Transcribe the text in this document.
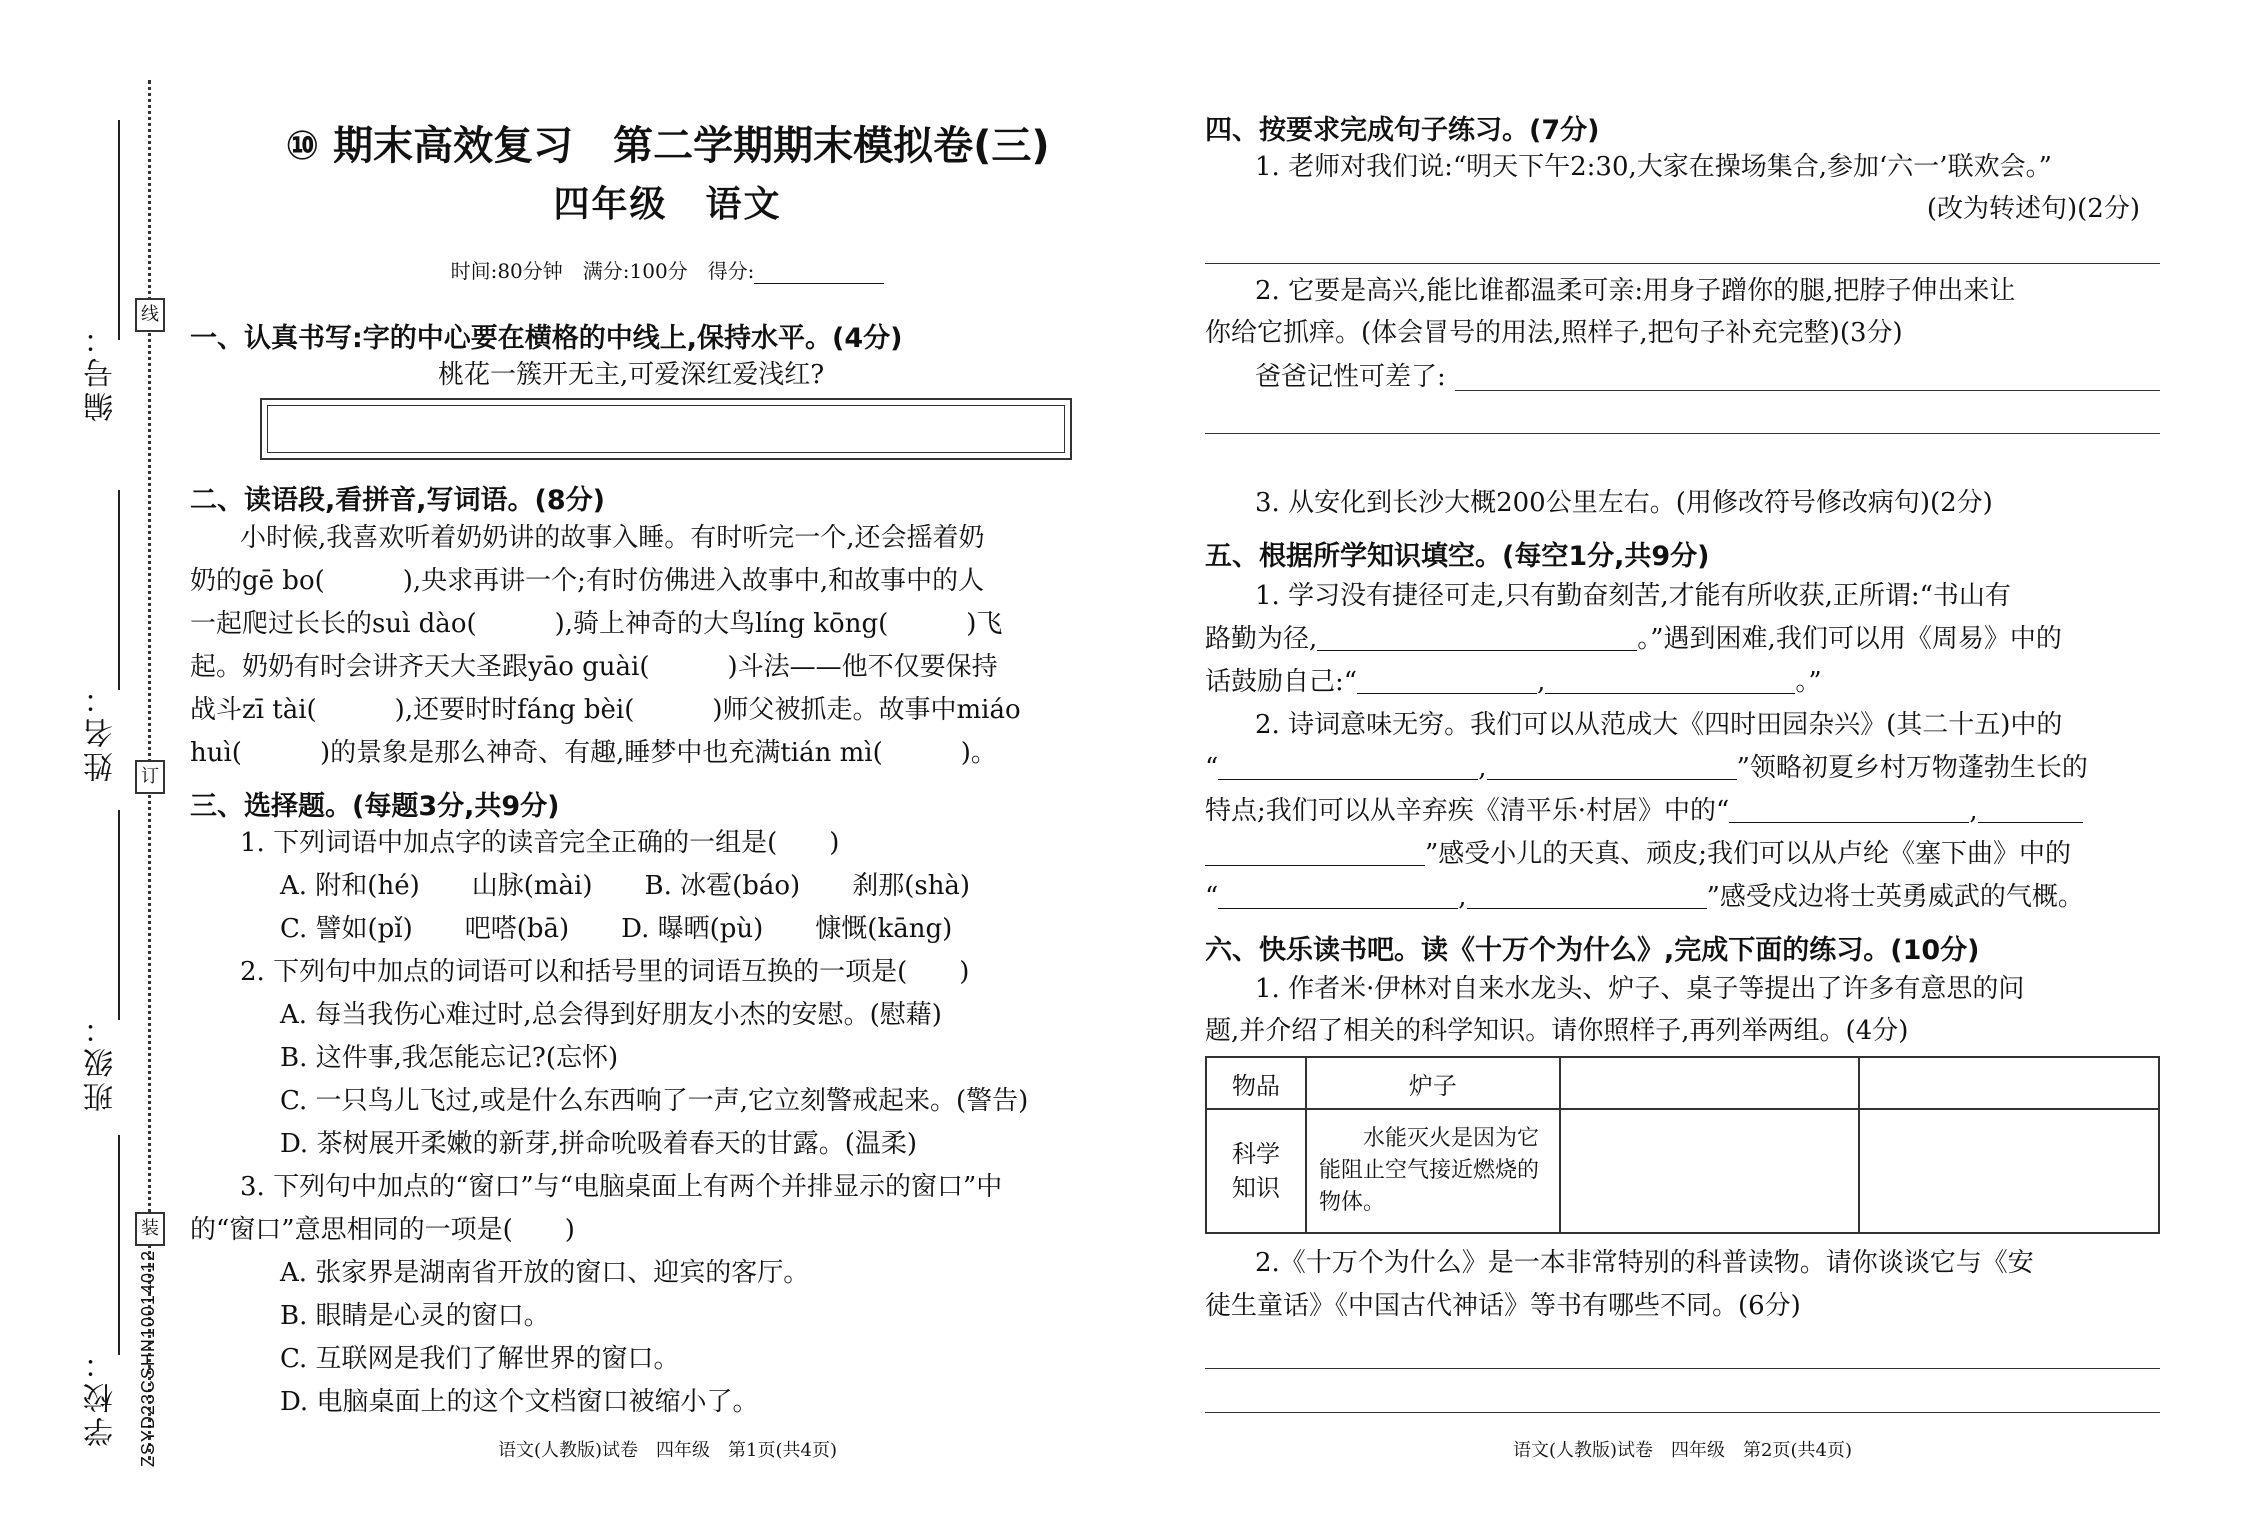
编号：
姓名：
班级：
学校：
线
订
装
ZSYD23CSHN10014012
⑩ 期末高效复习　第二学期期末模拟卷(三)
四年级　语文
时间:80分钟　满分:100分　得分:
一、认真书写:字的中心要在横格的中线上,保持水平。(4分)
桃花一簇开无主,可爱深红爱浅红?
二、读语段,看拼音,写词语。(8分)
小时候,我喜欢听着奶奶讲的故事入睡。有时听完一个,还会摇着奶
奶的gē bo(　　　),央求再讲一个;有时仿佛进入故事中,和故事中的人
一起爬过长长的suì dào(　　　),骑上神奇的大鸟líng kōng(　　　)飞
起。奶奶有时会讲齐天大圣跟yāo guài(　　　)斗法——他不仅要保持
战斗zī tài(　　　),还要时时fáng bèi(　　　)师父被抓走。故事中miáo
huì(　　　)的景象是那么神奇、有趣,睡梦中也充满tián mì(　　　)。
三、选择题。(每题3分,共9分)
1. 下列词语中加点字的读音完全正确的一组是(　　)
A. 附和(hé)　　山脉(mài)　　B. 冰雹(báo)　　刹那(shà)
C. 譬如(pǐ)　　吧嗒(bā)　　D. 曝晒(pù)　　慷慨(kāng)
2. 下列句中加点的词语可以和括号里的词语互换的一项是(　　)
A. 每当我伤心难过时,总会得到好朋友小杰的安慰。(慰藉)
B. 这件事,我怎能忘记?(忘怀)
C. 一只鸟儿飞过,或是什么东西响了一声,它立刻警戒起来。(警告)
D. 茶树展开柔嫩的新芽,拼命吮吸着春天的甘露。(温柔)
3. 下列句中加点的“窗口”与“电脑桌面上有两个并排显示的窗口”中
的“窗口”意思相同的一项是(　　)
A. 张家界是湖南省开放的窗口、迎宾的客厅。
B. 眼睛是心灵的窗口。
C. 互联网是我们了解世界的窗口。
D. 电脑桌面上的这个文档窗口被缩小了。
语文(人教版)试卷　四年级　第1页(共4页)
四、按要求完成句子练习。(7分)
1. 老师对我们说:“明天下午2:30,大家在操场集合,参加‘六一’联欢会。”
(改为转述句)(2分)
2. 它要是高兴,能比谁都温柔可亲:用身子蹭你的腿,把脖子伸出来让
你给它抓痒。(体会冒号的用法,照样子,把句子补充完整)(3分)
爸爸记性可差了:
3. 从安化到长沙大概200公里左右。(用修改符号修改病句)(2分)
五、根据所学知识填空。(每空1分,共9分)
1. 学习没有捷径可走,只有勤奋刻苦,才能有所收获,正所谓:“书山有
路勤为径,	。”遇到困难,我们可以用《周易》中的
话鼓励自己:“	,	。”
2. 诗词意味无穷。我们可以从范成大《四时田园杂兴》(其二十五)中的
“	,	”领略初夏乡村万物蓬勃生长的
特点;我们可以从辛弃疾《清平乐·村居》中的“	,
”感受小儿的天真、顽皮;我们可以从卢纶《塞下曲》中的
“	,	”感受戍边将士英勇威武的气概。
六、快乐读书吧。读《十万个为什么》,完成下面的练习。(10分)
1. 作者米·伊林对自来水龙头、炉子、桌子等提出了许多有意思的问
题,并介绍了相关的科学知识。请你照样子,再列举两组。(4分)
物品	炉子		
科学知识	水能灭火是因为它能阻止空气接近燃烧的物体。		
2.《十万个为什么》是一本非常特别的科普读物。请你谈谈它与《安
徒生童话》《中国古代神话》等书有哪些不同。(6分)
语文(人教版)试卷　四年级　第2页(共4页)
